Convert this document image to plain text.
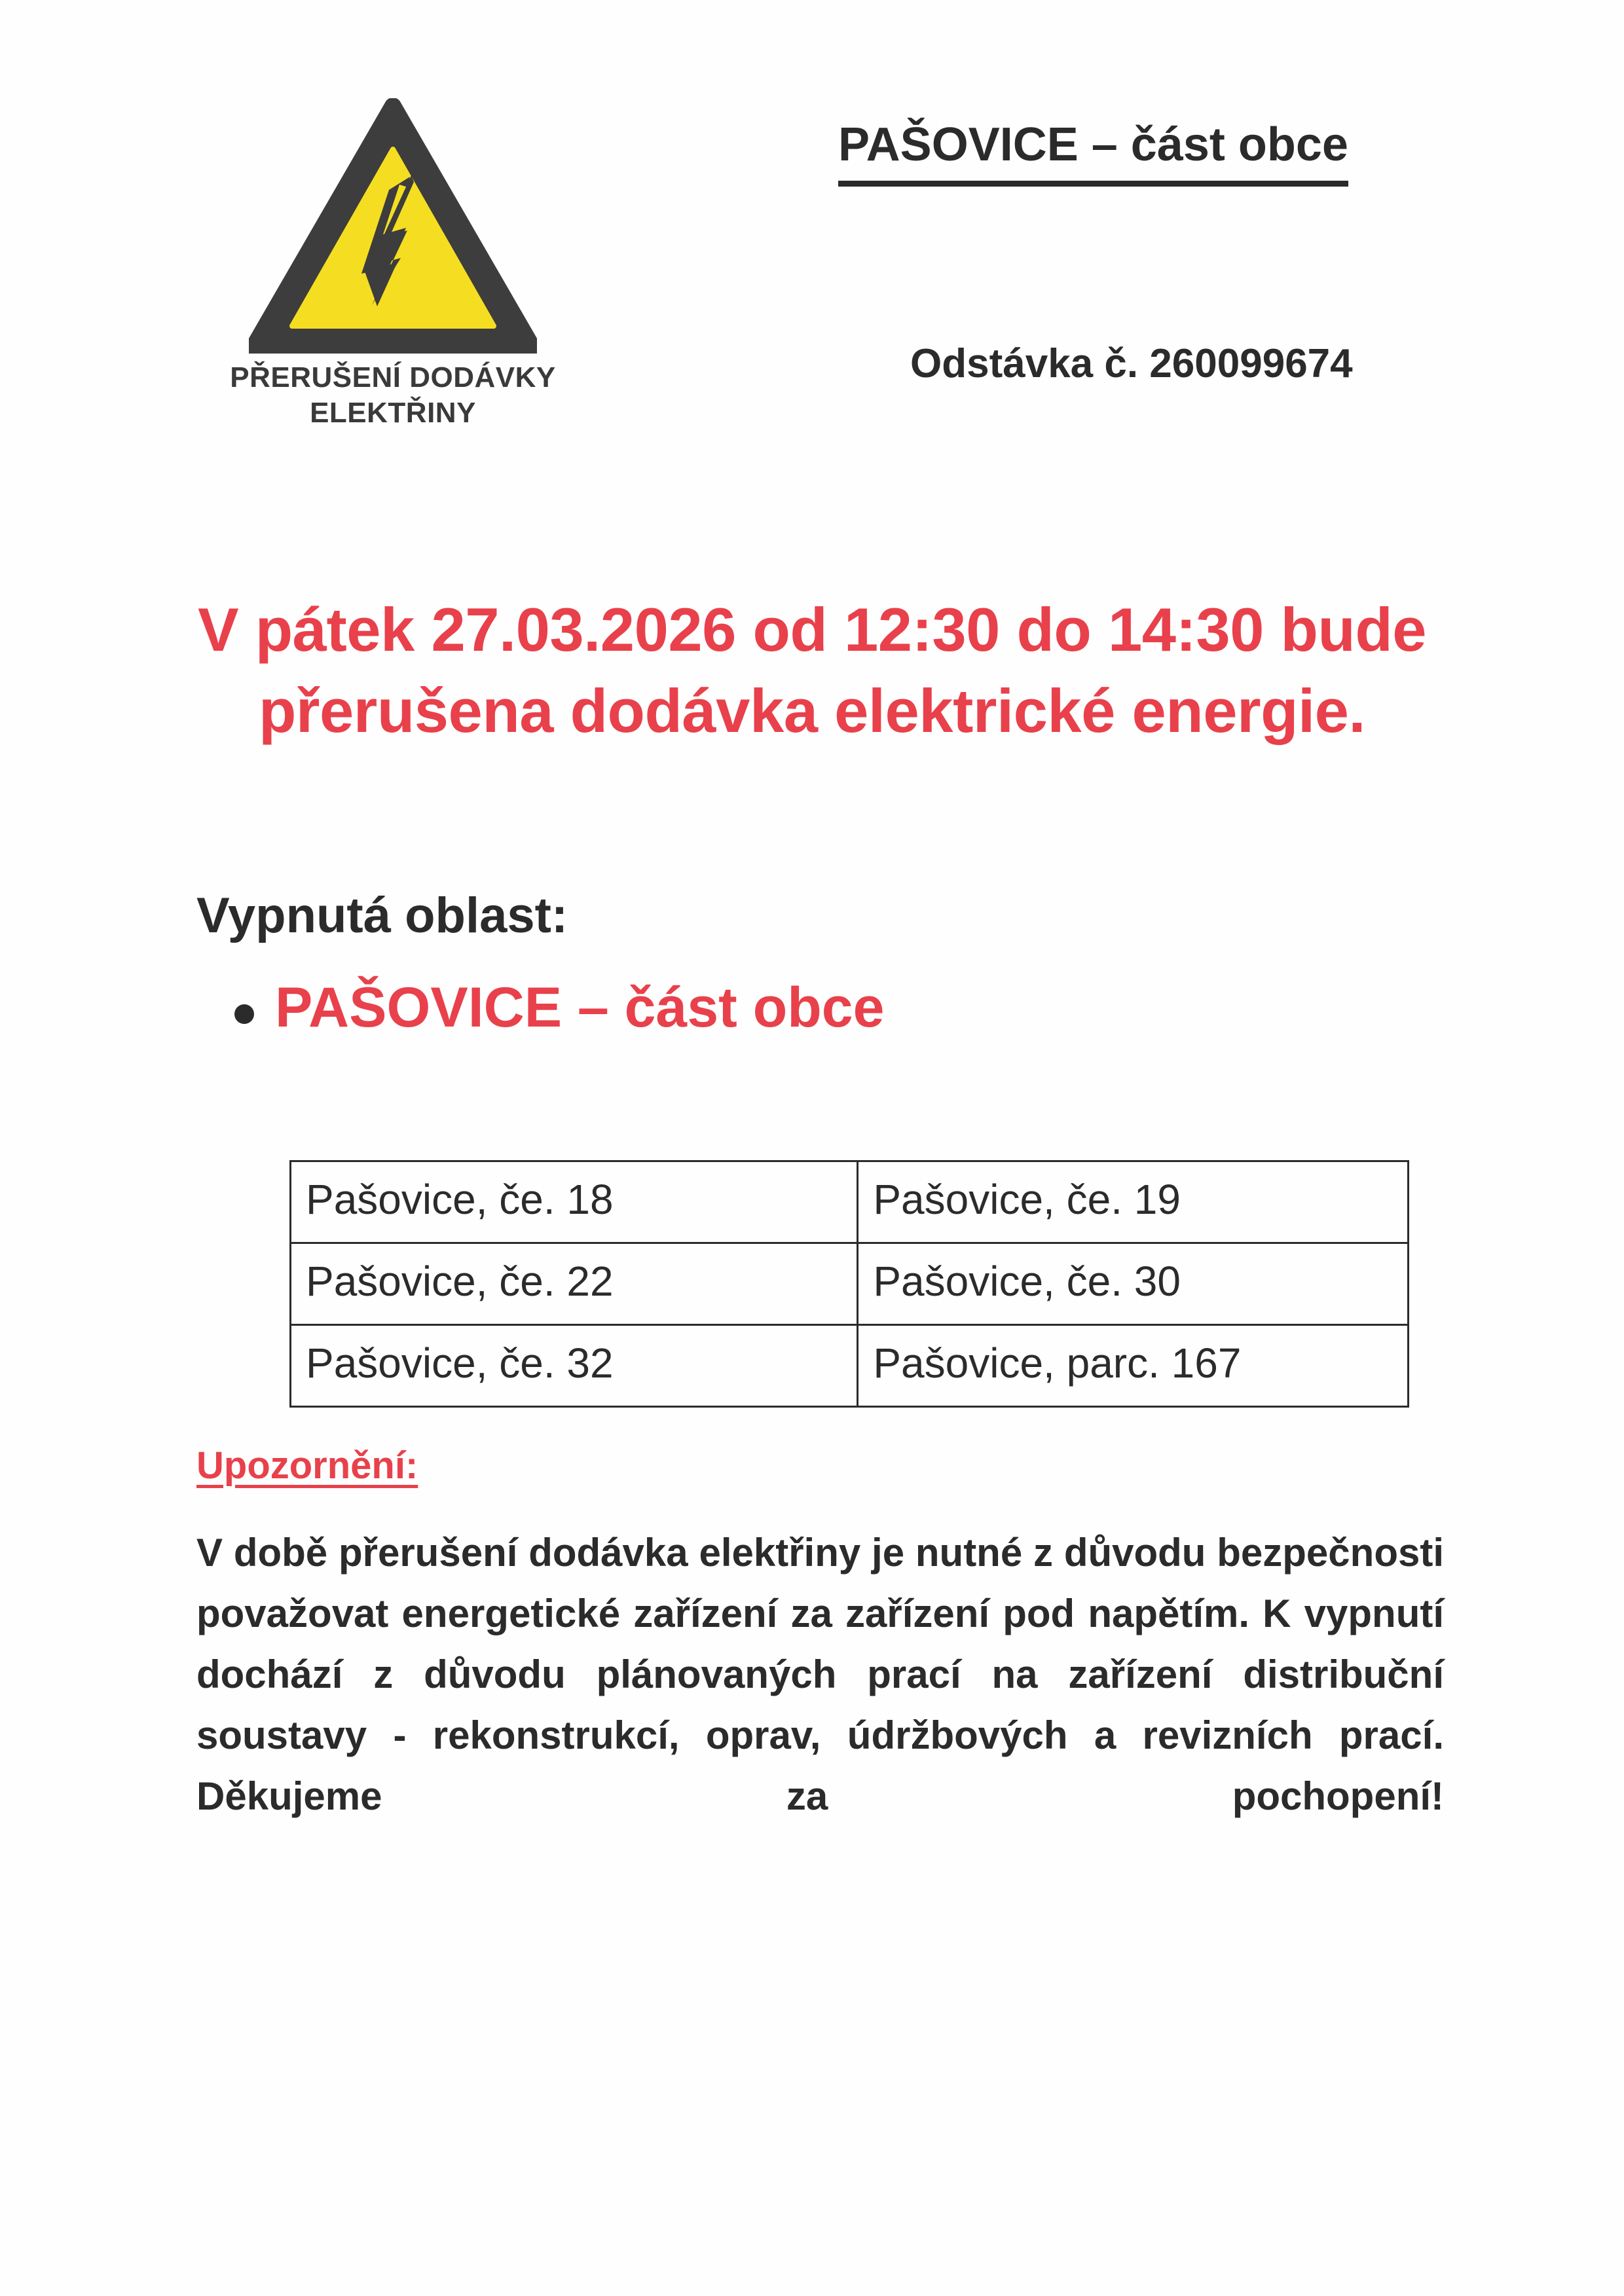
PŘERUŠENÍ DODÁVKY
ELEKTŘINY
PAŠOVICE – část obce
Odstávka č. 260099674
V pátek 27.03.2026 od 12:30 do 14:30 bude přerušena dodávka elektrické energie.
Vypnutá oblast:
PAŠOVICE – část obce
Pašovice, če. 18	Pašovice, če. 19
Pašovice, če. 22	Pašovice, če. 30
Pašovice, če. 32	Pašovice, parc. 167
Upozornění:

V době přerušení dodávka elektřiny je nutné z důvodu bezpečnosti považovat energetické zařízení za zařízení pod napětím. K vypnutí dochází z důvodu plánovaných prací na zařízení distribuční soustavy - rekonstrukcí, oprav, údržbových a revizních prací. Děkujeme za pochopení!
